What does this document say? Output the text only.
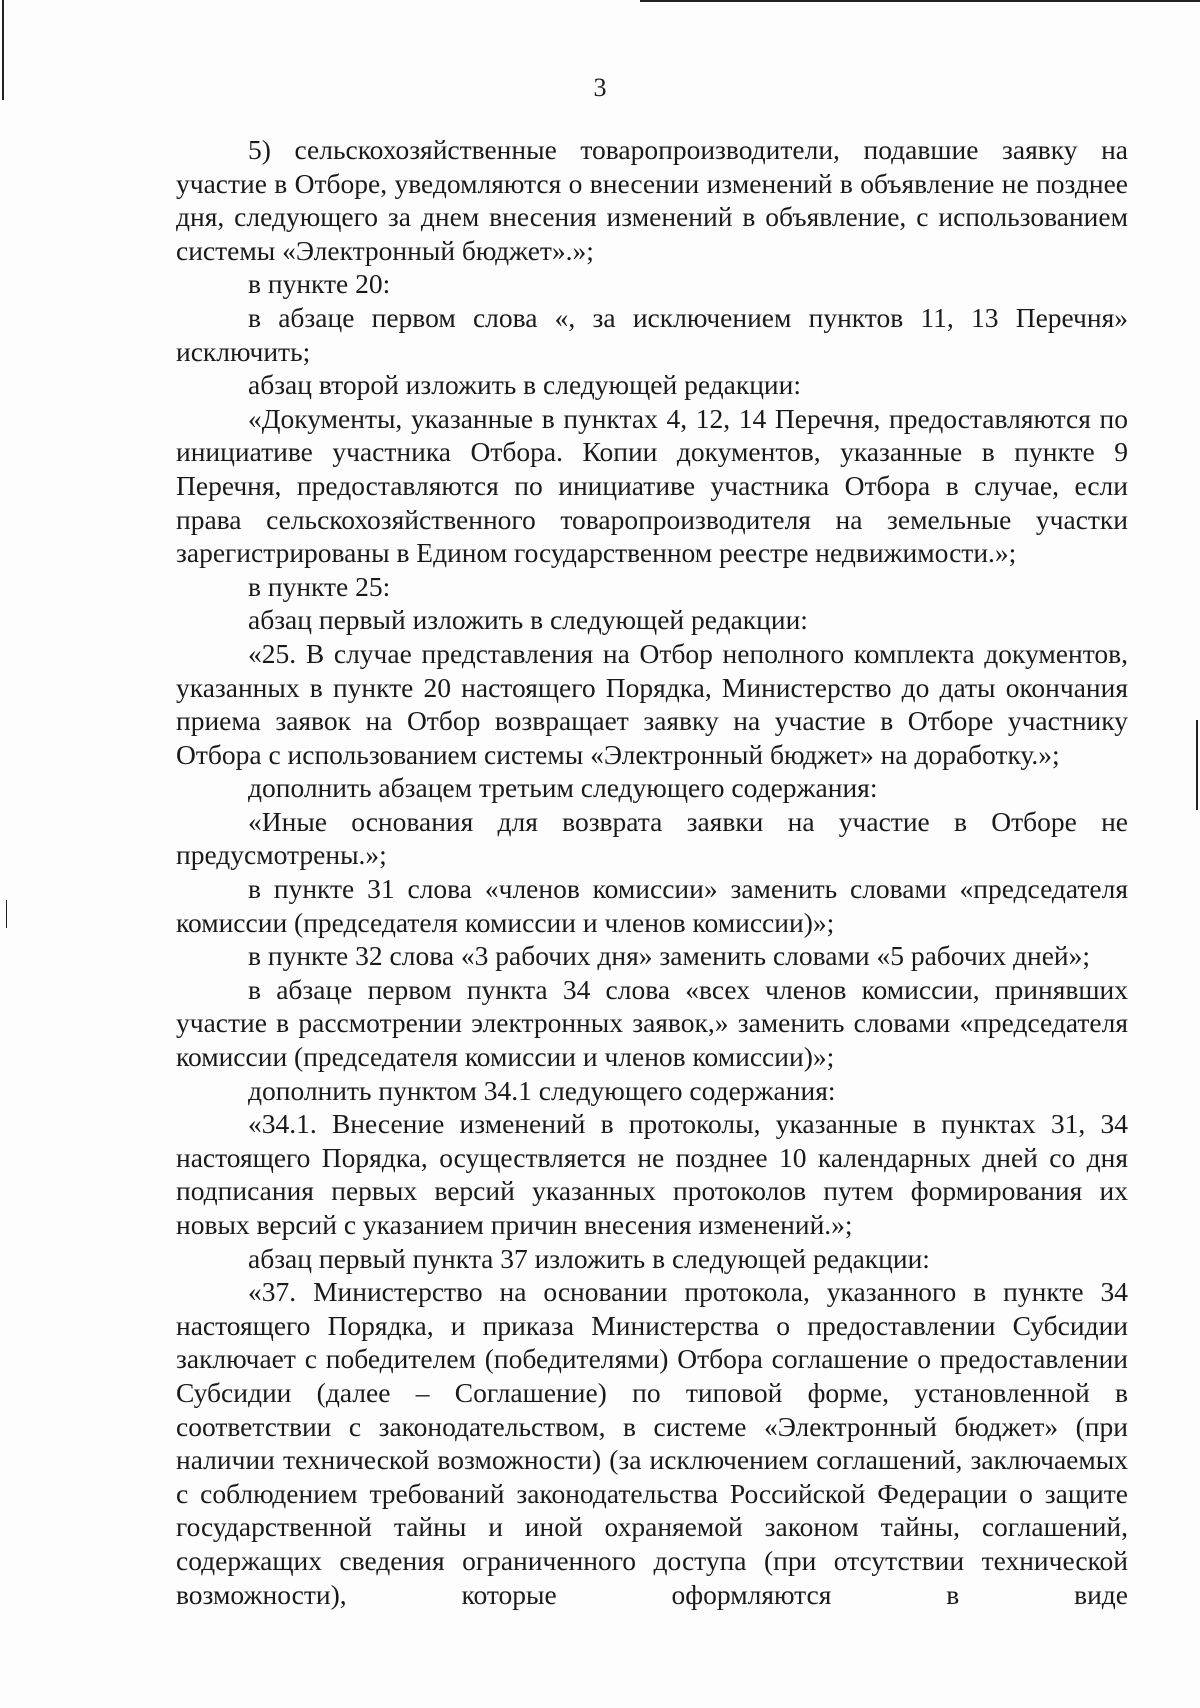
3

5) сельскохозяйственные товаропроизводители, подавшие заявку на участие в Отборе, уведомляются о внесении изменений в объявление не позднее дня, следующего за днем внесения изменений в объявление, с использованием системы «Электронный бюджет».»;

в пункте 20:

в абзаце первом слова «, за исключением пунктов 11, 13 Перечня» исключить;

абзац второй изложить в следующей редакции:

«Документы, указанные в пунктах 4, 12, 14 Перечня, предоставляются по инициативе участника Отбора. Копии документов, указанные в пункте 9 Перечня, предоставляются по инициативе участника Отбора в случае, если права сельскохозяйственного товаропроизводителя на земельные участки зарегистрированы в Едином государственном реестре недвижимости.»;

в пункте 25:

абзац первый изложить в следующей редакции:

«25. В случае представления на Отбор неполного комплекта документов, указанных в пункте 20 настоящего Порядка, Министерство до даты окончания приема заявок на Отбор возвращает заявку на участие в Отборе участнику Отбора с использованием системы «Электронный бюджет» на доработку.»;

дополнить абзацем третьим следующего содержания:

«Иные основания для возврата заявки на участие в Отборе не предусмотрены.»;

в пункте 31 слова «членов комиссии» заменить словами «председателя комиссии (председателя комиссии и членов комиссии)»;

в пункте 32 слова «3 рабочих дня» заменить словами «5 рабочих дней»;

в абзаце первом пункта 34 слова «всех членов комиссии, принявших участие в рассмотрении электронных заявок,» заменить словами «председателя комиссии (председателя комиссии и членов комиссии)»;

дополнить пунктом 34.1 следующего содержания:

«34.1. Внесение изменений в протоколы, указанные в пунктах 31, 34 настоящего Порядка, осуществляется не позднее 10 календарных дней со дня подписания первых версий указанных протоколов путем формирования их новых версий с указанием причин внесения изменений.»;

абзац первый пункта 37 изложить в следующей редакции:

«37. Министерство на основании протокола, указанного в пункте 34 настоящего Порядка, и приказа Министерства о предоставлении Субсидии заключает с победителем (победителями) Отбора соглашение о предоставлении Субсидии (далее – Соглашение) по типовой форме, установленной в соответствии с законодательством, в системе «Электронный бюджет» (при наличии технической возможности) (за исключением соглашений, заключаемых с соблюдением требований законодательства Российской Федерации о защите государственной тайны и иной охраняемой законом тайны, соглашений, содержащих сведения ограниченного доступа (при отсутствии технической возможности), которые оформляются в виде
